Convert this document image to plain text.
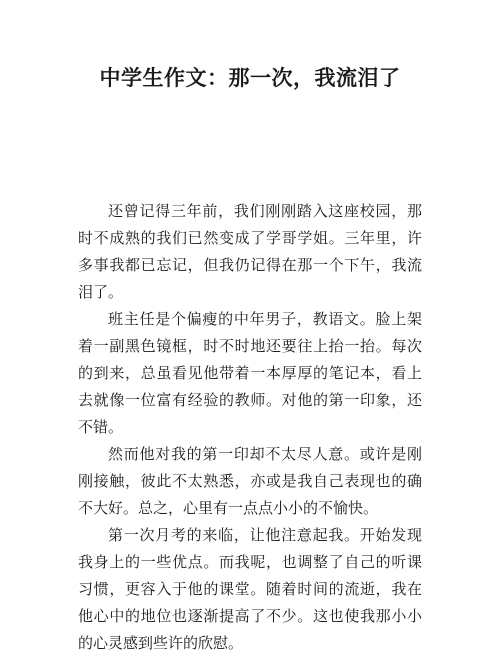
中学生作文：那一次，我流泪了

还曾记得三年前，我们刚刚踏入这座校园，那时不成熟的我们已然变成了学哥学姐。三年里，许多事我都已忘记，但我仍记得在那一个下午，我流泪了。

班主任是个偏瘦的中年男子，教语文。脸上架着一副黑色镜框，时不时地还要往上抬一抬。每次的到来，总虽看见他带着一本厚厚的笔记本，看上去就像一位富有经验的教师。对他的第一印象，还不错。

然而他对我的第一印却不太尽人意。或许是刚刚接触，彼此不太熟悉，亦或是我自己表现也的确不大好。总之，心里有一点点小小的不愉快。

第一次月考的来临，让他注意起我。开始发现我身上的一些优点。而我呢，也调整了自己的听课习惯，更容入于他的课堂。随着时间的流逝，我在他心中的地位也逐渐提高了不少。这也使我那小小的心灵感到些许的欣慰。
